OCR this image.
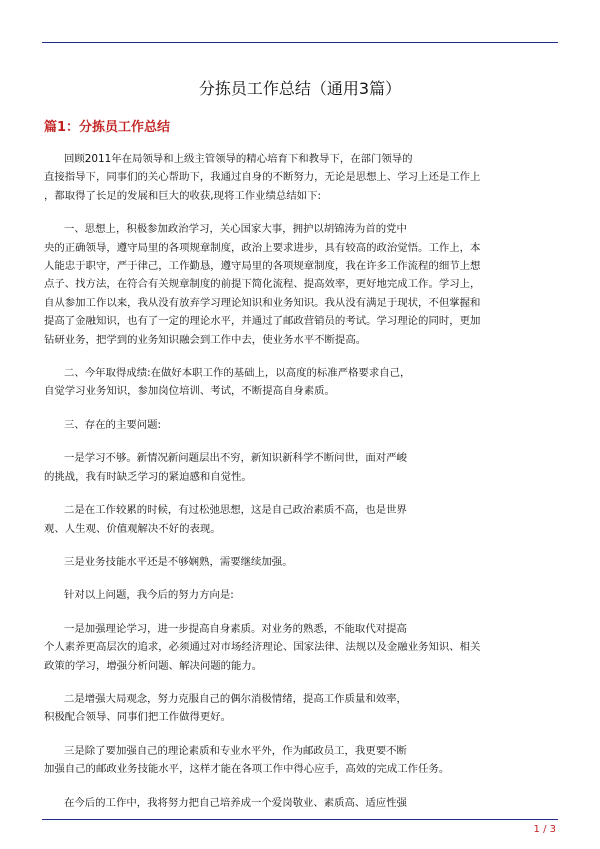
分拣员工作总结（通用3篇）
篇1：分拣员工作总结

回顾2011年在局领导和上级主管领导的精心培育下和教导下，在部门领导的

直接指导下，同事们的关心帮助下，我通过自身的不断努力，无论是思想上、学习上还是工作上

，都取得了长足的发展和巨大的收获,现将工作业绩总结如下:

一、思想上，积极参加政治学习，关心国家大事，拥护以胡锦涛为首的党中

央的正确领导，遵守局里的各项规章制度，政治上要求进步，具有较高的政治觉悟。工作上，本

人能忠于职守，严于律己，工作勤恳，遵守局里的各项规章制度，我在许多工作流程的细节上想

点子、找方法，在符合有关规章制度的前提下简化流程、提高效率，更好地完成工作。学习上，

自从参加工作以来，我从没有放弃学习理论知识和业务知识。我从没有满足于现状，不但掌握和

提高了金融知识，也有了一定的理论水平，并通过了邮政营销员的考试。学习理论的同时，更加

钻研业务，把学到的业务知识融会到工作中去，使业务水平不断提高。

二、今年取得成绩:在做好本职工作的基础上，以高度的标准严格要求自己，

自觉学习业务知识，参加岗位培训、考试，不断提高自身素质。

三、存在的主要问题:

一是学习不够。新情况新问题层出不穷，新知识新科学不断问世，面对严峻

的挑战，我有时缺乏学习的紧迫感和自觉性。

二是在工作较累的时候，有过松弛思想，这是自己政治素质不高，也是世界

观、人生观、价值观解决不好的表现。

三是业务技能水平还是不够娴熟，需要继续加强。

针对以上问题，我今后的努力方向是:

一是加强理论学习，进一步提高自身素质。对业务的熟悉，不能取代对提高

个人素养更高层次的追求，必须通过对市场经济理论、国家法律、法规以及金融业务知识、相关

政策的学习，增强分析问题、解决问题的能力。

二是增强大局观念，努力克服自己的偶尔消极情绪，提高工作质量和效率，

积极配合领导、同事们把工作做得更好。

三是除了要加强自己的理论素质和专业水平外，作为邮政员工，我更要不断

加强自己的邮政业务技能水平，这样才能在各项工作中得心应手，高效的完成工作任务。

在今后的工作中，我将努力把自己培养成一个爱岗敬业、素质高、适应性强

1 / 3
